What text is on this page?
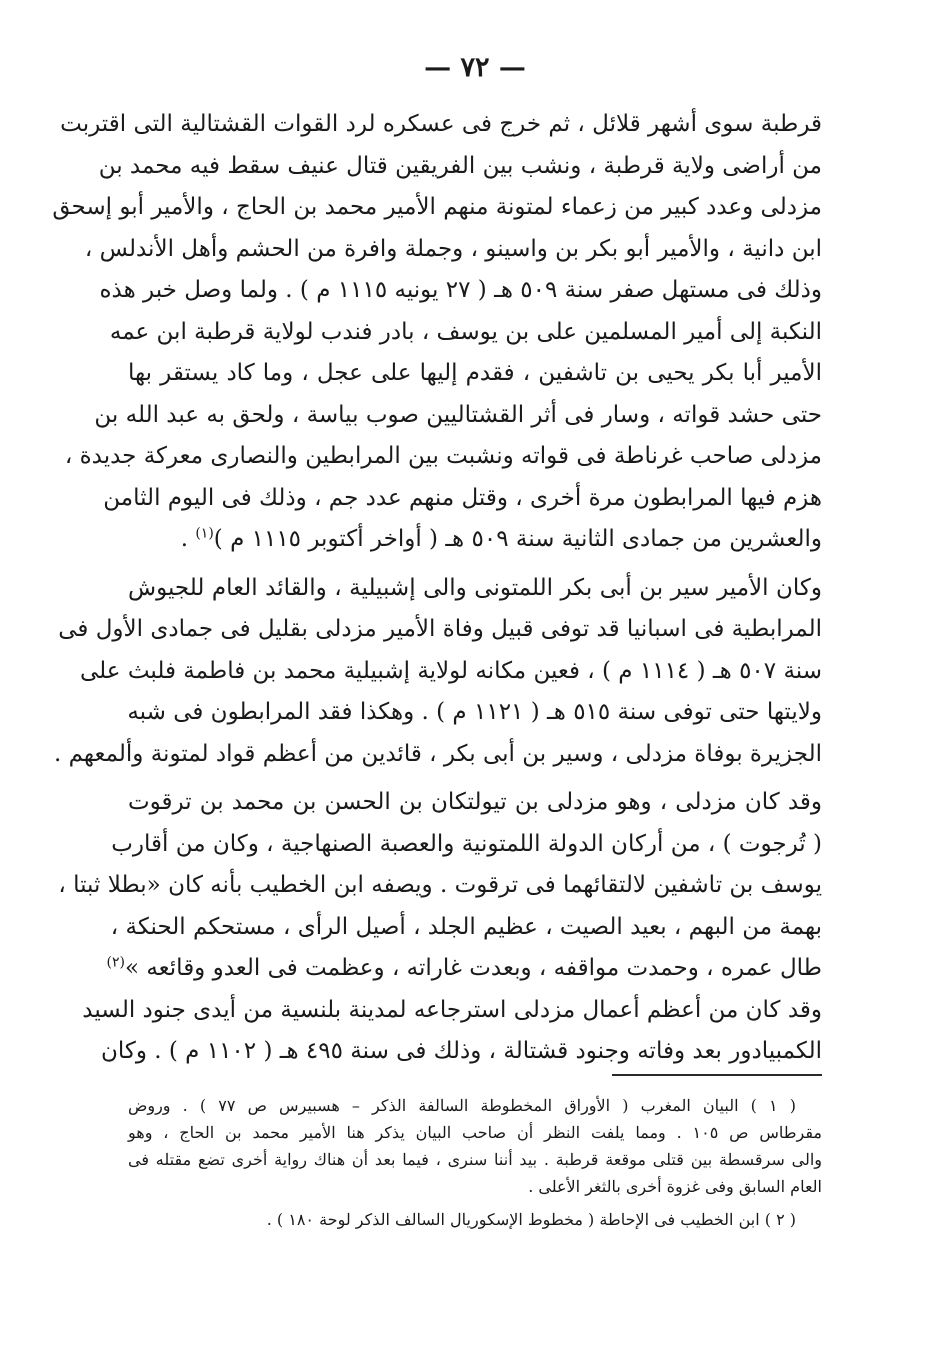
— ٧٢ —
قرطبة سوى أشهر قلائل ، ثم خرج فى عسكره لرد القوات القشتالية التى اقتربت
من أراضى ولاية قرطبة ، ونشب بين الفريقين قتال عنيف سقط فيه محمد بن
مزدلى وعدد كبير من زعماء لمتونة منهم الأمير محمد بن الحاج ، والأمير أبو إسحق
ابن دانية ، والأمير أبو بكر بن واسينو ، وجملة وافرة من الحشم وأهل الأندلس ،
وذلك فى مستهل صفر سنة ٥٠٩ هـ ( ٢٧ يونيه ١١١٥ م ) . ولما وصل خبر هذه
النكبة إلى أمير المسلمين على بن يوسف ، بادر فندب لولاية قرطبة ابن عمه
الأمير أبا بكر يحيى بن تاشفين ، فقدم إليها على عجل ، وما كاد يستقر بها
حتى حشد قواته ، وسار فى أثر القشتاليين صوب بياسة ، ولحق به عبد الله بن
مزدلى صاحب غرناطة فى قواته ونشبت بين المرابطين والنصارى معركة جديدة ،
هزم فيها المرابطون مرة أخرى ، وقتل منهم عدد جم ، وذلك فى اليوم الثامن
والعشرين من جمادى الثانية سنة ٥٠٩ هـ ( أواخر أكتوبر ١١١٥ م )$^{(١)}$ .
وكان الأمير سير بن أبى بكر اللمتونى والى إشبيلية ، والقائد العام للجيوش
المرابطية فى اسبانيا قد توفى قبيل وفاة الأمير مزدلى بقليل فى جمادى الأول فى
سنة ٥٠٧ هـ ( ١١١٤ م ) ، فعين مكانه لولاية إشبيلية محمد بن فاطمة فلبث على
ولايتها حتى توفى سنة ٥١٥ هـ ( ١١٢١ م ) . وهكذا فقد المرابطون فى شبه
الجزيرة بوفاة مزدلى ، وسير بن أبى بكر ، قائدين من أعظم قواد لمتونة وألمعهم .
وقد كان مزدلى ، وهو مزدلى بن تيولتكان بن الحسن بن محمد بن ترقوت
( تُرجوت ) ، من أركان الدولة اللمتونية والعصبة الصنهاجية ، وكان من أقارب
يوسف بن تاشفين لالتقائهما فى ترقوت . ويصفه ابن الخطيب بأنه كان «بطلا ثبتا ،
بهمة من البهم ، بعيد الصيت ، عظيم الجلد ، أصيل الرأى ، مستحكم الحنكة ،
طال عمره ، وحمدت مواقفه ، وبعدت غاراته ، وعظمت فى العدو وقائعه »$^{(٢)}$
وقد كان من أعظم أعمال مزدلى استرجاعه لمدينة بلنسية من أيدى جنود السيد
الكمبيادور بعد وفاته وجنود قشتالة ، وذلك فى سنة ٤٩٥ هـ ( ١١٠٢ م ) . وكان
( ١ ) البيان المغرب ( الأوراق المخطوطة السالفة الذكر – هسبيرس ص ٧٧ ) . وروض
مقرطاس ص ١٠٥ . ومما يلفت النظر أن صاحب البيان يذكر هنا الأمير محمد بن الحاج ، وهو
والى سرقسطة بين قتلى موقعة قرطبة . بيد أننا سنرى ، فيما بعد أن هناك رواية أخرى تضع مقتله فى
العام السابق وفى غزوة أخرى بالثغر الأعلى .
( ٢ ) ابن الخطيب فى الإحاطة ( مخطوط الإسكوريال السالف الذكر لوحة ١٨٠ ) .
